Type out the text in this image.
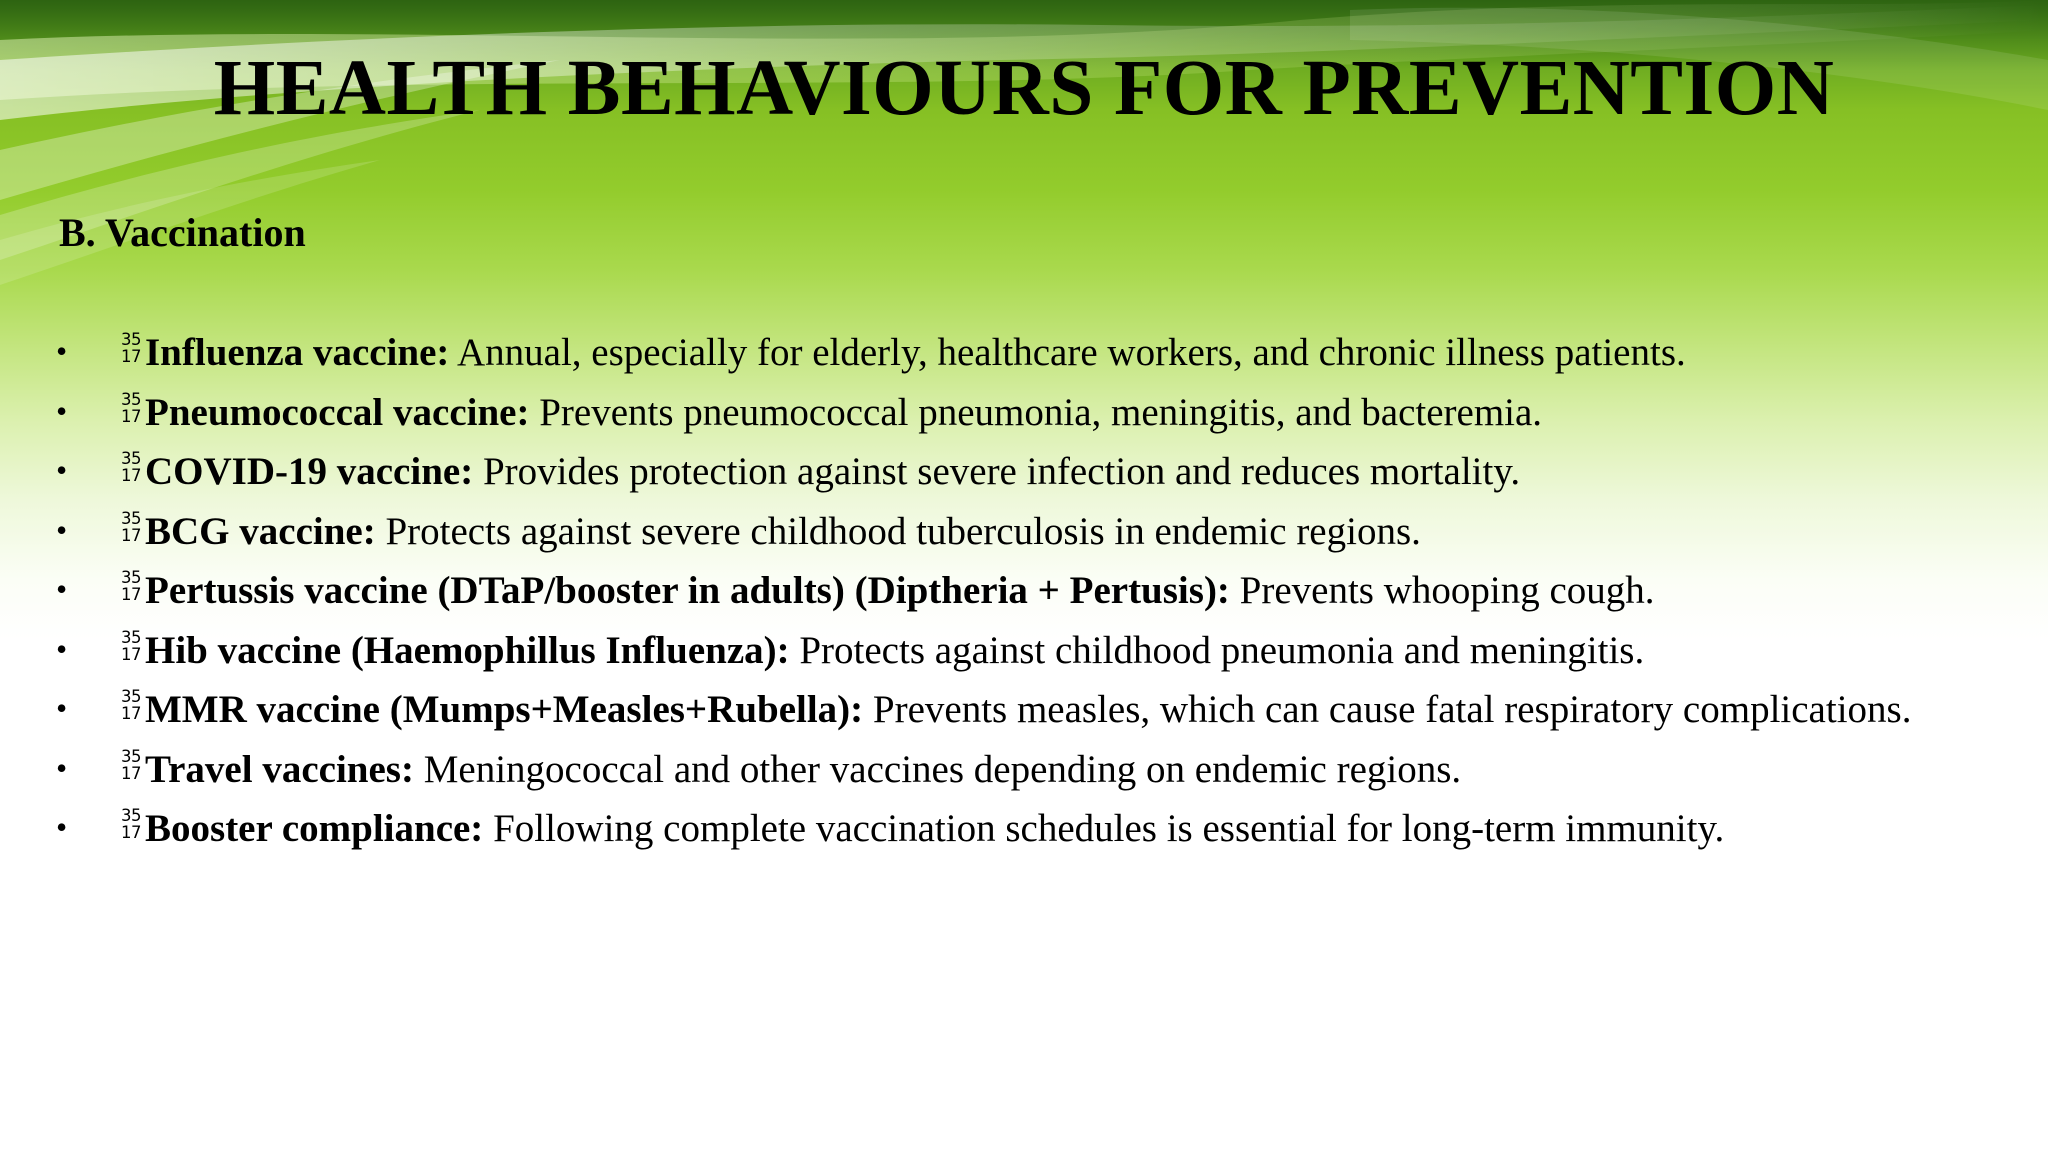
HEALTH BEHAVIOURS FOR PREVENTION
B. Vaccination
•	35
17 Influenza vaccine: Annual, especially for elderly, healthcare workers, and chronic illness patients.
•	35
17 Pneumococcal vaccine: Prevents pneumococcal pneumonia, meningitis, and bacteremia.
•	35
17 COVID-19 vaccine: Provides protection against severe infection and reduces mortality.
•	35
17 BCG vaccine: Protects against severe childhood tuberculosis in endemic regions.
•	35
17 Pertussis vaccine (DTaP/booster in adults) (Diptheria + Pertusis): Prevents whooping cough.
•	35
17 Hib vaccine (Haemophillus Influenza): Protects against childhood pneumonia and meningitis.
•	35
17 MMR vaccine (Mumps+Measles+Rubella): Prevents measles, which can cause fatal respiratory complications.
•	35
17 Travel vaccines: Meningococcal and other vaccines depending on endemic regions.
•	35
17 Booster compliance: Following complete vaccination schedules is essential for long-term immunity.
